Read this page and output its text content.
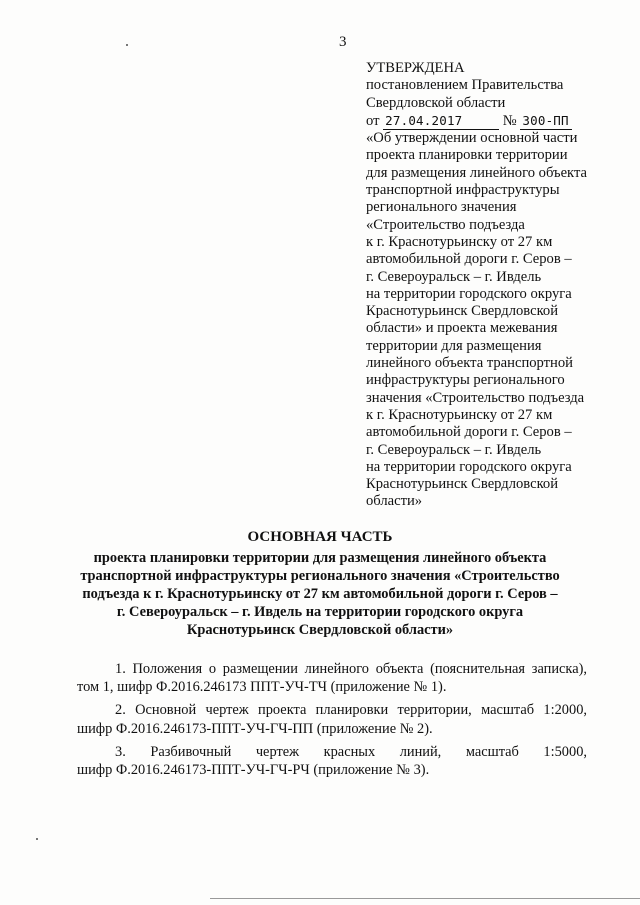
3
УТВЕРЖДЕНА
постановлением Правительства
Свердловской области
от 27.04.2017	№ 300-ПП
«Об утверждении основной части
проекта планировки территории
для размещения линейного объекта
транспортной инфраструктуры
регионального значения
«Строительство подъезда
к г. Краснотурьинску от 27 км
автомобильной дороги г. Серов –
г. Североуральск – г. Ивдель
на территории городского округа
Краснотурьинск Свердловской
области» и проекта межевания
территории для размещения
линейного объекта транспортной
инфраструктуры регионального
значения «Строительство подъезда
к г. Краснотурьинску от 27 км
автомобильной дороги г. Серов –
г. Североуральск – г. Ивдель
на территории городского округа
Краснотурьинск Свердловской
области»
ОСНОВНАЯ ЧАСТЬ
проекта планировки территории для размещения линейного объекта
транспортной инфраструктуры регионального значения «Строительство
подъезда к г. Краснотурьинску от 27 км автомобильной дороги г. Серов –
г. Североуральск – г. Ивдель на территории городского округа
Краснотурьинск Свердловской области»
1. Положения о размещении линейного объекта (пояснительная записка),
том 1, шифр Ф.2016.246173 ППТ-УЧ-ТЧ (приложение № 1).
2. Основной чертеж проекта планировки территории, масштаб 1:2000,
шифр Ф.2016.246173-ППТ-УЧ-ГЧ-ПП (приложение № 2).
3. Разбивочный чертеж красных линий, масштаб 1:5000,
шифр Ф.2016.246173-ППТ-УЧ-ГЧ-РЧ (приложение № 3).
